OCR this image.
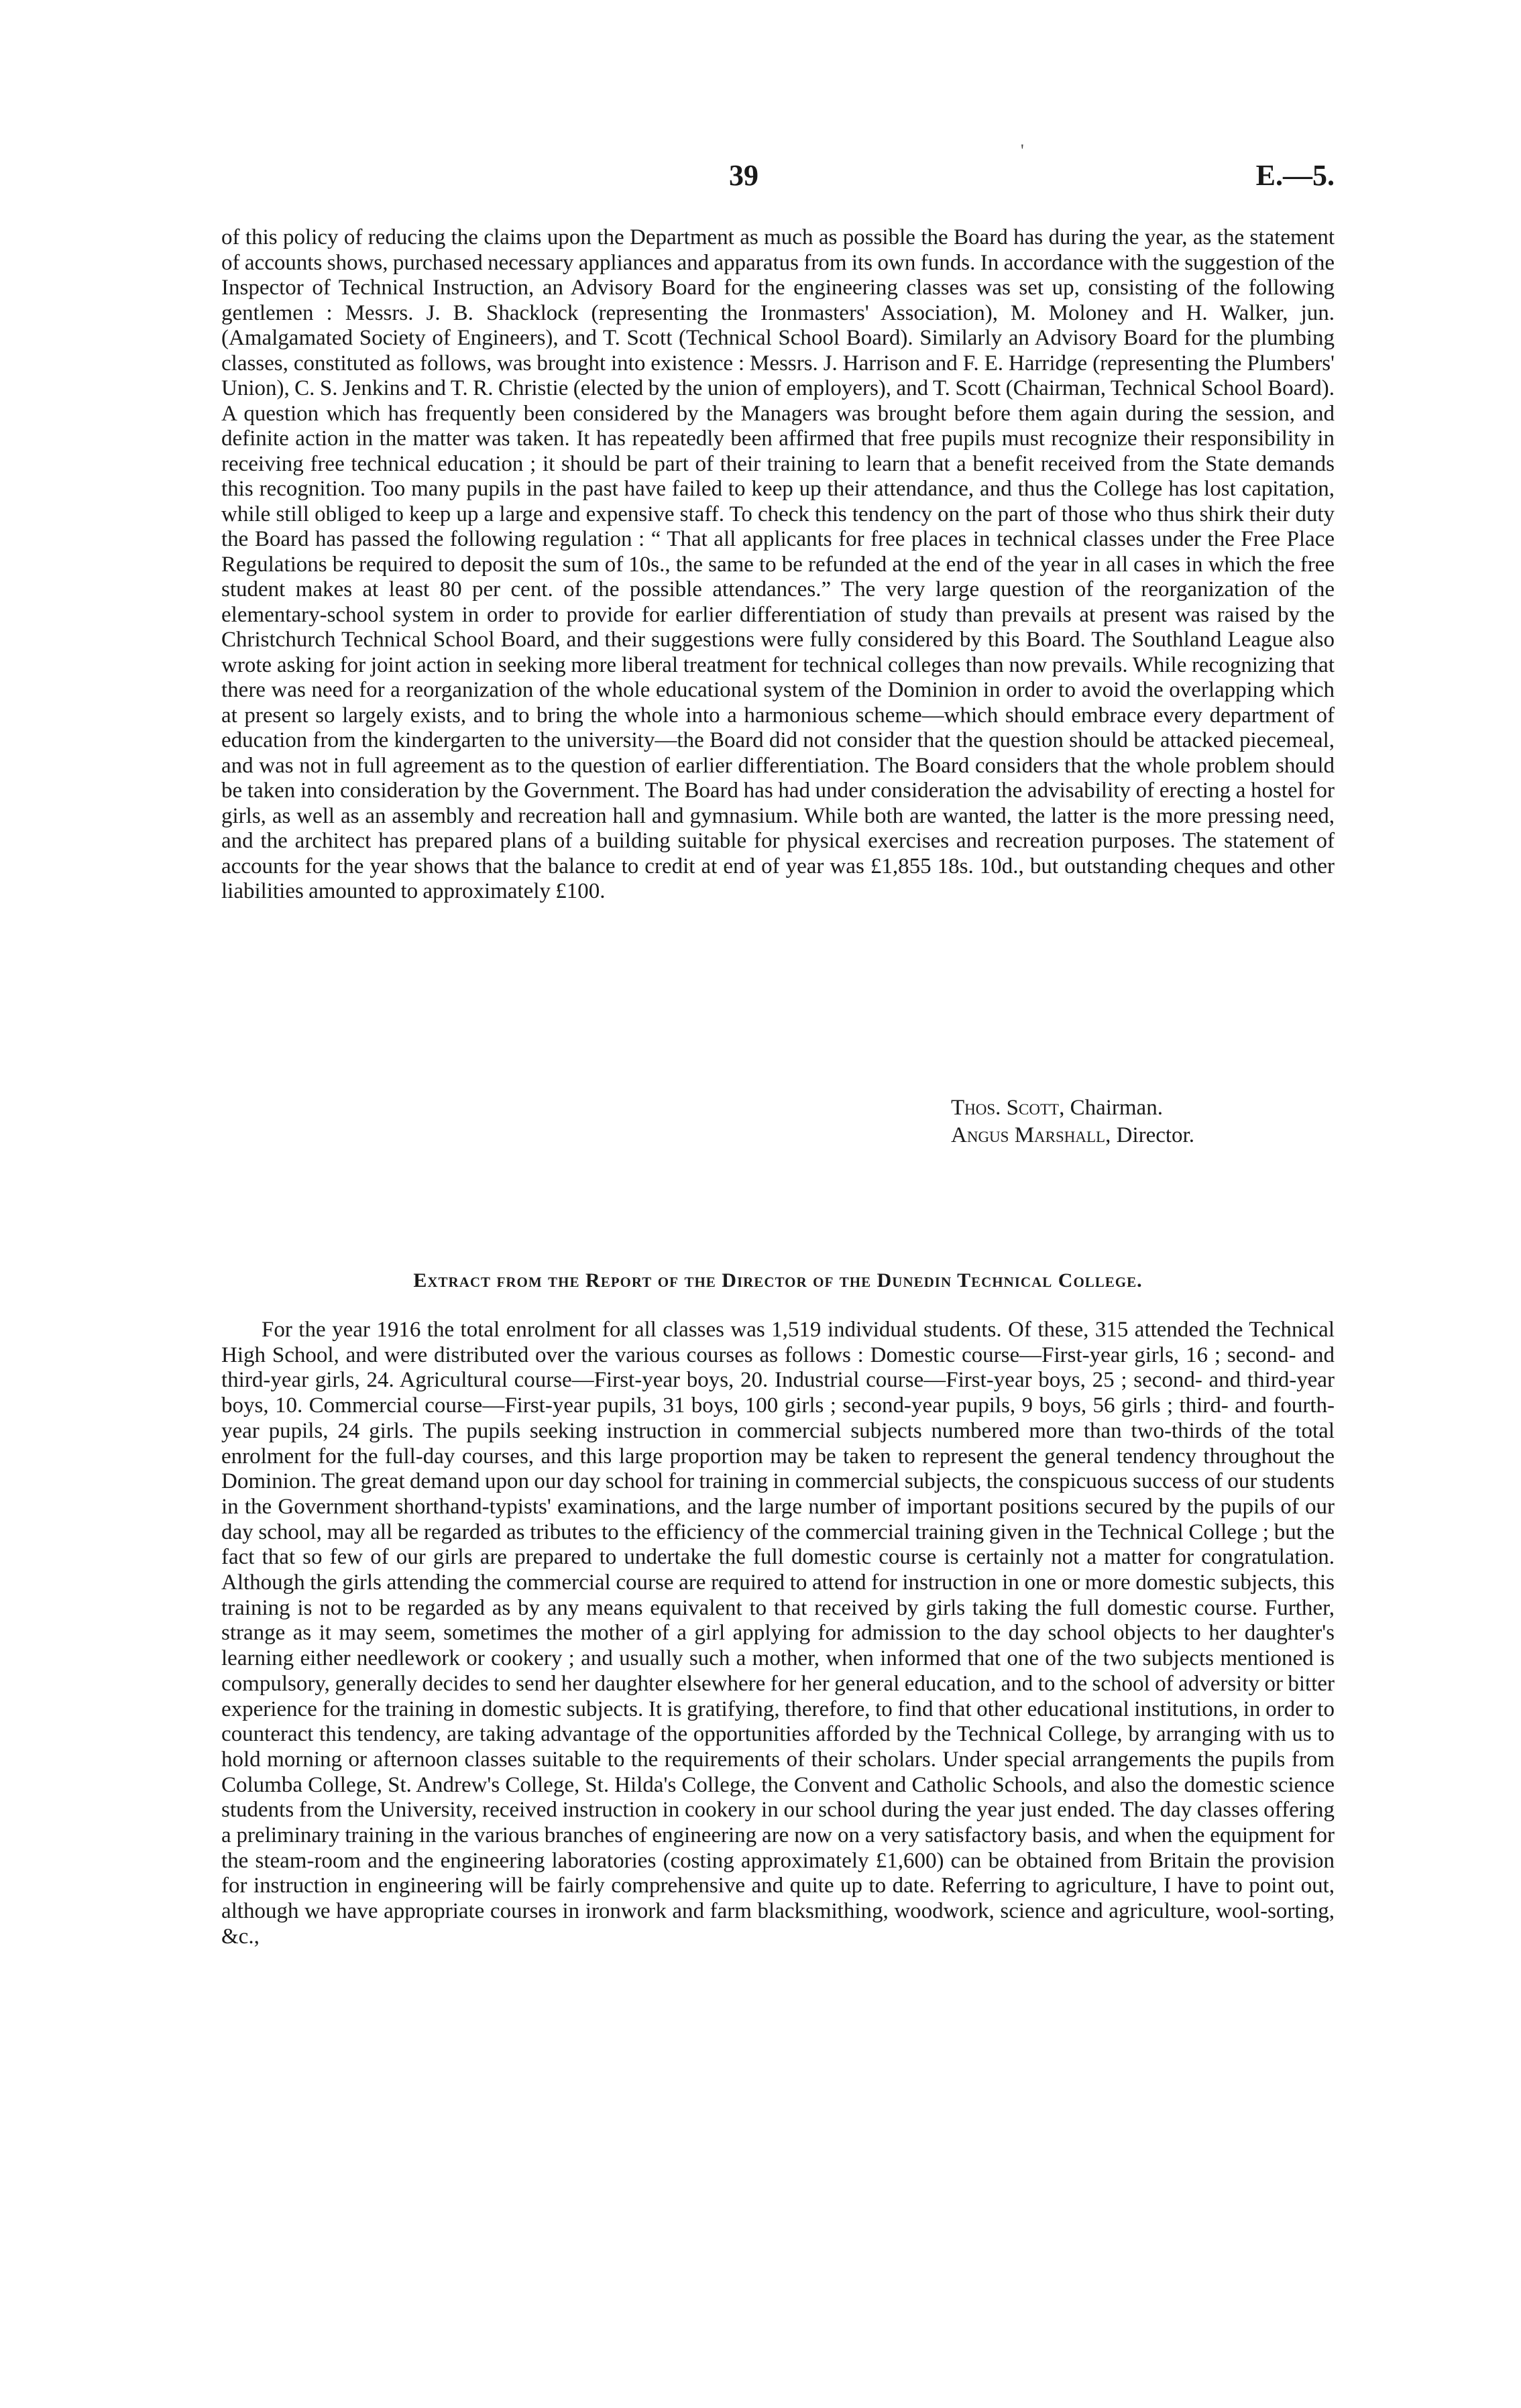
39
'
E.—5.

of this policy of reducing the claims upon the Department as much as possible the Board has during the year, as the statement of accounts shows, purchased necessary appliances and apparatus from its own funds. In accordance with the suggestion of the Inspector of Technical Instruction, an Advisory Board for the engineering classes was set up, consisting of the following gentlemen : Messrs. J. B. Shacklock (representing the Ironmasters' Association), M. Moloney and H. Walker, jun. (Amalgamated Society of Engineers), and T. Scott (Technical School Board). Similarly an Advisory Board for the plumbing classes, constituted as follows, was brought into existence : Messrs. J. Harrison and F. E. Harridge (representing the Plumbers' Union), C. S. Jenkins and T. R. Christie (elected by the union of employers), and T. Scott (Chairman, Technical School Board). A question which has frequently been considered by the Managers was brought before them again during the session, and definite action in the matter was taken. It has repeatedly been affirmed that free pupils must recognize their responsibility in receiving free technical education ; it should be part of their training to learn that a benefit received from the State demands this recognition. Too many pupils in the past have failed to keep up their attendance, and thus the College has lost capitation, while still obliged to keep up a large and expensive staff. To check this tendency on the part of those who thus shirk their duty the Board has passed the following regulation : “ That all applicants for free places in technical classes under the Free Place Regulations be required to deposit the sum of 10s., the same to be refunded at the end of the year in all cases in which the free student makes at least 80 per cent. of the possible attendances.” The very large question of the reorganization of the elementary-school system in order to provide for earlier differentiation of study than prevails at present was raised by the Christchurch Technical School Board, and their suggestions were fully considered by this Board. The Southland League also wrote asking for joint action in seeking more liberal treatment for technical colleges than now prevails. While recognizing that there was need for a reorganization of the whole educational system of the Dominion in order to avoid the overlapping which at present so largely exists, and to bring the whole into a harmonious scheme—which should embrace every department of education from the kindergarten to the university—the Board did not consider that the question should be attacked piecemeal, and was not in full agreement as to the question of earlier differentiation. The Board considers that the whole problem should be taken into consideration by the Government. The Board has had under consideration the advisability of erecting a hostel for girls, as well as an assembly and recreation hall and gymnasium. While both are wanted, the latter is the more pressing need, and the architect has prepared plans of a building suitable for physical exercises and recreation purposes. The statement of accounts for the year shows that the balance to credit at end of year was £1,855 18s. 10d., but outstanding cheques and other liabilities amounted to approximately £100.

Thos. Scott, Chairman.
Angus Marshall, Director.
Extract from the Report of the Director of the Dunedin Technical College.

For the year 1916 the total enrolment for all classes was 1,519 individual students. Of these, 315 attended the Technical High School, and were distributed over the various courses as follows : Domestic course—First-year girls, 16 ; second- and third-year girls, 24. Agricultural course—First-year boys, 20. Industrial course—First-year boys, 25 ; second- and third-year boys, 10. Commercial course—First-year pupils, 31 boys, 100 girls ; second-year pupils, 9 boys, 56 girls ; third- and fourth-year pupils, 24 girls. The pupils seeking instruction in commercial subjects numbered more than two-thirds of the total enrolment for the full-day courses, and this large proportion may be taken to represent the general tendency throughout the Dominion. The great demand upon our day school for training in commercial subjects, the conspicuous success of our students in the Government shorthand-typists' examinations, and the large number of important positions secured by the pupils of our day school, may all be regarded as tributes to the efficiency of the commercial training given in the Technical College ; but the fact that so few of our girls are prepared to undertake the full domestic course is certainly not a matter for congratulation. Although the girls attending the commercial course are required to attend for instruction in one or more domestic subjects, this training is not to be regarded as by any means equivalent to that received by girls taking the full domestic course. Further, strange as it may seem, sometimes the mother of a girl applying for admission to the day school objects to her daughter's learning either needlework or cookery ; and usually such a mother, when informed that one of the two subjects mentioned is compulsory, generally decides to send her daughter elsewhere for her general education, and to the school of adversity or bitter experience for the training in domestic subjects. It is gratifying, therefore, to find that other educational institutions, in order to counteract this tendency, are taking advantage of the opportunities afforded by the Technical College, by arranging with us to hold morning or afternoon classes suitable to the requirements of their scholars. Under special arrangements the pupils from Columba College, St. Andrew's College, St. Hilda's College, the Convent and Catholic Schools, and also the domestic science students from the University, received instruction in cookery in our school during the year just ended. The day classes offering a preliminary training in the various branches of engineering are now on a very satisfactory basis, and when the equipment for the steam-room and the engineering laboratories (costing approximately £1,600) can be obtained from Britain the provision for instruction in engineering will be fairly comprehensive and quite up to date. Referring to agriculture, I have to point out, although we have appropriate courses in ironwork and farm blacksmithing, woodwork, science and agriculture, wool-sorting, &c.,
